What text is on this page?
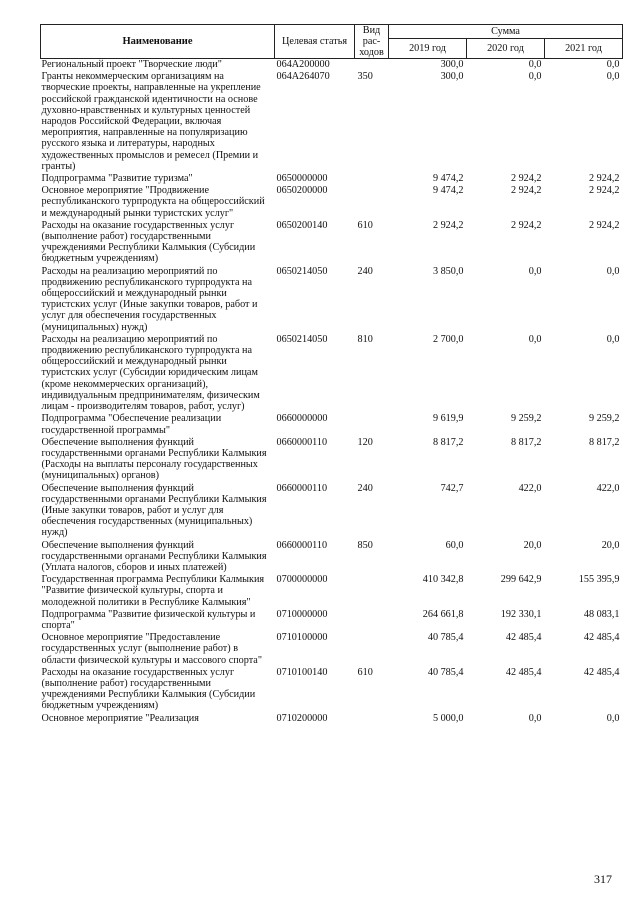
Наименование	Целевая статья	Вид рас-ходов	Сумма		
			2019 год	2020 год	2021 год
Региональный проект "Творческие люди"	064A200000		300,0	0,0	0,0
Гранты некоммерческим организациям на творческие проекты, направленные на укрепление российской гражданской идентичности на основе духовно-нравственных и культурных ценностей народов Российской Федерации, включая мероприятия, направленные на популяризацию русского языка и литературы, народных художественных промыслов и ремесел (Премии и гранты)	064A264070	350	300,0	0,0	0,0
Подпрограмма "Развитие туризма"	0650000000		9 474,2	2 924,2	2 924,2
Основное мероприятие "Продвижение республиканского турпродукта на общероссийский и международный рынки туристских услуг"	0650200000		9 474,2	2 924,2	2 924,2
Расходы на оказание государственных услуг (выполнение работ) государственными учреждениями Республики Калмыкия (Субсидии бюджетным учреждениям)	0650200140	610	2 924,2	2 924,2	2 924,2
Расходы на реализацию мероприятий по продвижению республиканского турпродукта на общероссийский и международный рынки туристских услуг (Иные закупки товаров, работ и услуг для обеспечения государственных (муниципальных) нужд)	0650214050	240	3 850,0	0,0	0,0
Расходы на реализацию мероприятий по продвижению республиканского турпродукта на общероссийский и международный рынки туристских услуг (Субсидии юридическим лицам (кроме некоммерческих организаций), индивидуальным предпринимателям, физическим лицам - производителям товаров, работ, услуг)	0650214050	810	2 700,0	0,0	0,0
Подпрограмма "Обеспечение реализации государственной программы"	0660000000		9 619,9	9 259,2	9 259,2
Обеспечение выполнения функций государственными органами Республики Калмыкия (Расходы на выплаты персоналу государственных (муниципальных) органов)	0660000110	120	8 817,2	8 817,2	8 817,2
Обеспечение выполнения функций государственными органами Республики Калмыкия (Иные закупки товаров, работ и услуг для обеспечения государственных (муниципальных) нужд)	0660000110	240	742,7	422,0	422,0
Обеспечение выполнения функций государственными органами Республики Калмыкия (Уплата налогов, сборов и иных платежей)	0660000110	850	60,0	20,0	20,0
Государственная программа Республики Калмыкия "Развитие физической культуры, спорта и молодежной политики в Республике Калмыкия"	0700000000		410 342,8	299 642,9	155 395,9
Подпрограмма "Развитие физической культуры и спорта"	0710000000		264 661,8	192 330,1	48 083,1
Основное мероприятие "Предоставление государственных услуг (выполнение работ) в области физической культуры и массового спорта"	0710100000		40 785,4	42 485,4	42 485,4
Расходы на оказание государственных услуг (выполнение работ) государственными учреждениями Республики Калмыкия (Субсидии бюджетным учреждениям)	0710100140	610	40 785,4	42 485,4	42 485,4
Основное мероприятие "Реализация	0710200000		5 000,0	0,0	0,0
317
